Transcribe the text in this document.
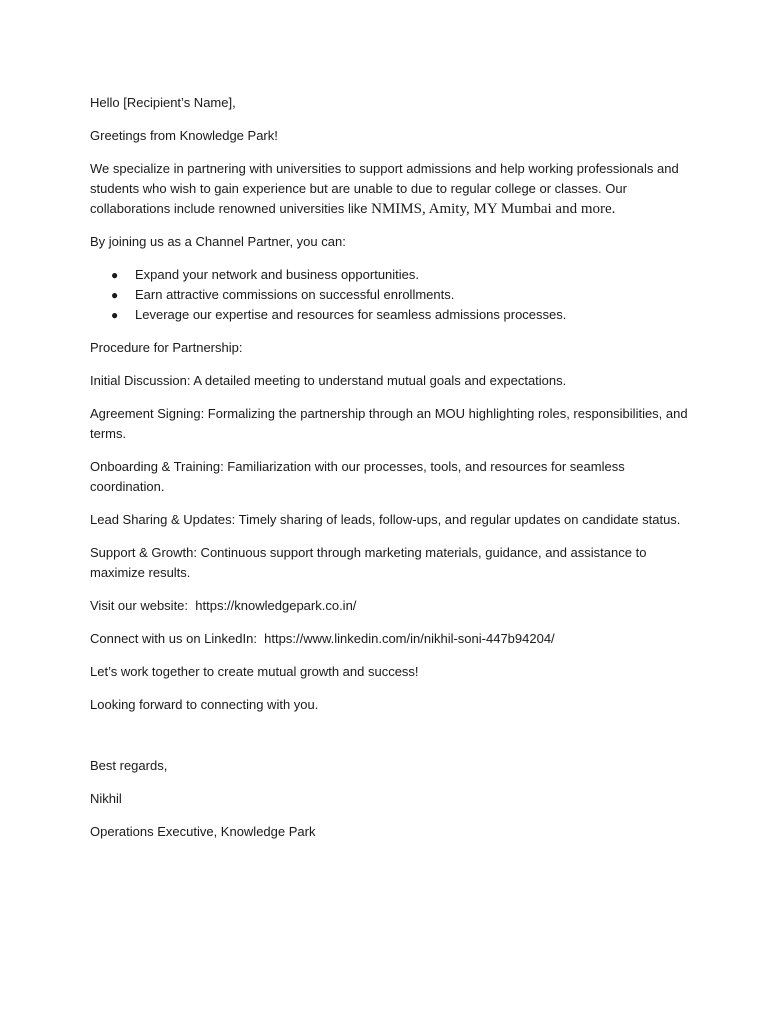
Hello [Recipient’s Name],

Greetings from Knowledge Park!

We specialize in partnering with universities to support admissions and help working professionals and students who wish to gain experience but are unable to due to regular college or classes. Our collaborations include renowned universities like NMIMS, Amity, MY Mumbai and more.

By joining us as a Channel Partner, you can:

● Expand your network and business opportunities.
● Earn attractive commissions on successful enrollments.
● Leverage our expertise and resources for seamless admissions processes.

Procedure for Partnership:

Initial Discussion: A detailed meeting to understand mutual goals and expectations.

Agreement Signing: Formalizing the partnership through an MOU highlighting roles, responsibilities, and terms.

Onboarding & Training: Familiarization with our processes, tools, and resources for seamless coordination.

Lead Sharing & Updates: Timely sharing of leads, follow-ups, and regular updates on candidate status.

Support & Growth: Continuous support through marketing materials, guidance, and assistance to maximize results.

Visit our website:  https://knowledgepark.co.in/

Connect with us on LinkedIn:  https://www.linkedin.com/in/nikhil-soni-447b94204/

Let’s work together to create mutual growth and success!

Looking forward to connecting with you.

Best regards,

Nikhil

Operations Executive, Knowledge Park
